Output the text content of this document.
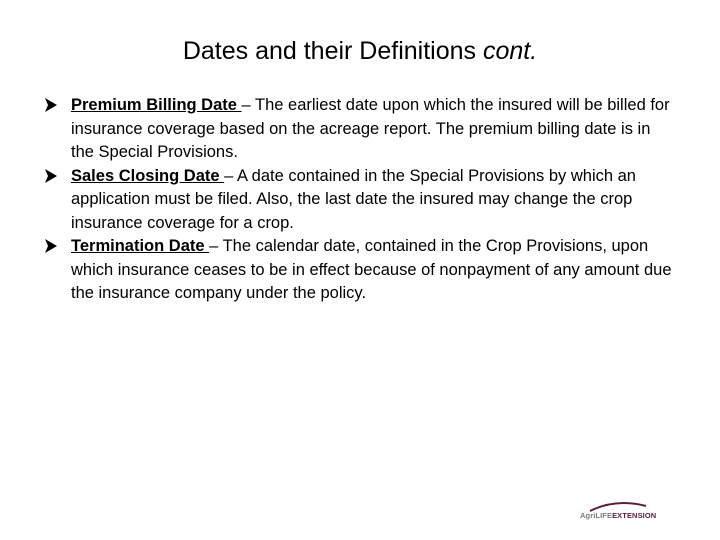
Dates and their Definitions cont.
Premium Billing Date – The earliest date upon which the insured will be billed for insurance coverage based on the acreage report. The premium billing date is in the Special Provisions.
Sales Closing Date – A date contained in the Special Provisions by which an application must be filed. Also, the last date the insured may change the crop insurance coverage for a crop.
Termination Date – The calendar date, contained in the Crop Provisions, upon which insurance ceases to be in effect because of nonpayment of any amount due the insurance company under the policy.
AgriLIFEEXTENSION
